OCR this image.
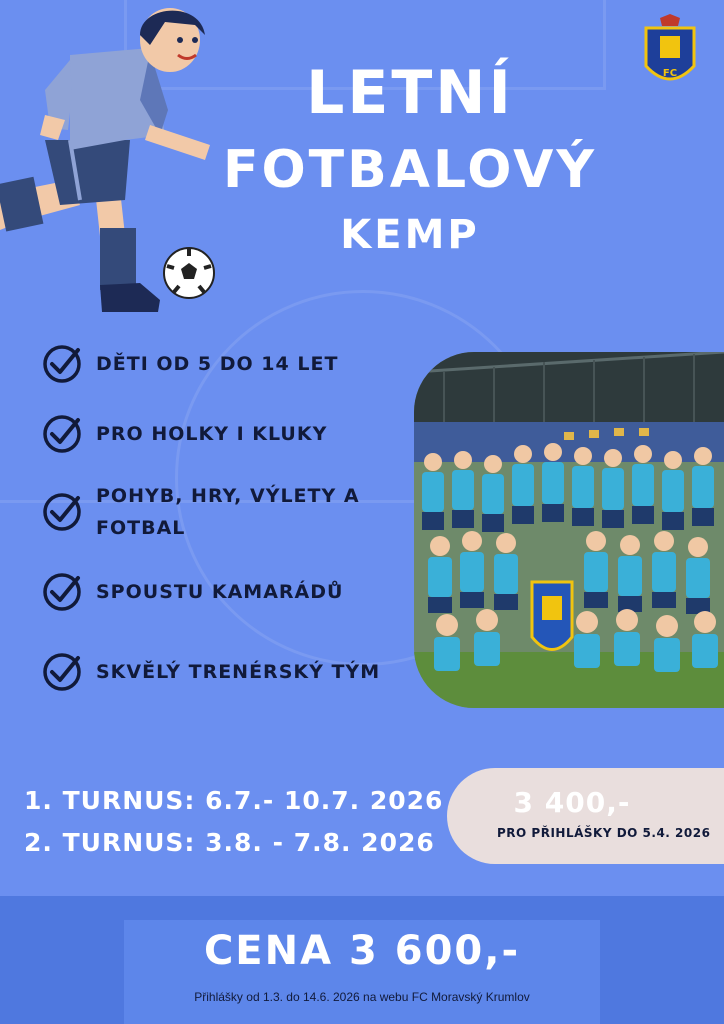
FC
LETNÍ
FOTBALOVÝ
KEMP
DĚTI OD 5 DO 14 LET
PRO HOLKY I KLUKY
POHYB, HRY, VÝLETY A FOTBAL
SPOUSTU KAMARÁDŮ
SKVĚLÝ TRENÉRSKÝ TÝM
1. TURNUS: 6.7.- 10.7. 2026
2. TURNUS: 3.8. - 7.8. 2026
3 400,-
PRO PŘIHLÁŠKY DO 5.4. 2026
CENA 3 600,-
Přihlášky od 1.3. do 14.6. 2026 na webu FC Moravský Krumlov
